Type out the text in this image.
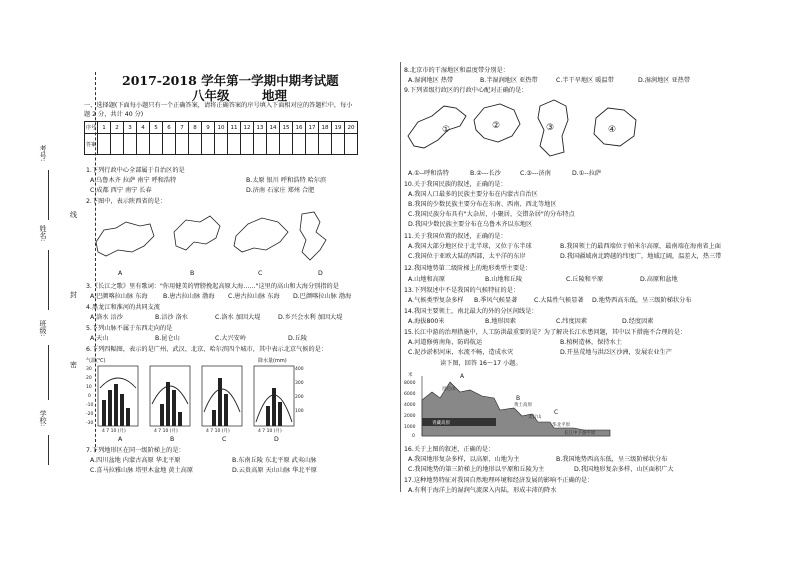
考号:
姓名:
班级:
学校:
线
封
密
2017-2018 学年第一学期中期考试题
八年级	地理
一、选择题(下面每小题只有一个正确答案，请将正确答案的序号填入下面相对应的答题栏中，每小
题 2 分，共计 40 分)
序号	1	2	3	4	5	6	7	8	9	10	11	12	13	14	15	16	17	18	19	20
答案																				
1.下列行政中心全部属于自治区的是
A.乌鲁木齐 拉萨 南宁 呼和浩特	B.太原 银川 呼和浩特 哈尔滨
C.成都 西宁 南宁 长春	D.济南 石家庄 郑州 合肥
2.下图中，表示陕西省的是：
A	B	C	D
3.《长江之歌》里有歌词："你用健美的臂膀挽起高原大海……"这里的高山和大海分别指的是
A.巴颜喀拉山脉 东海 B.唐古拉山脉 渤海 C.唐古拉山脉 东海 D.巴颜喀拉山脉 渤海
4.黑龙江和淮河的共同支流
A.洛水 涪沙	B.涪沙 洛水	C.洛水 加因大堤	D.乡兴会水利 加因大堤
5.下列山脉不属于东西走向的是
A.天山	B.昆仑山	C.大兴安岭	D.丘陵
6.下列四幅图，表示的是广州、武汉、北京、哈尔滨四个城市，其中表示北京气候的是：
气温(℃)	降水量(mm)
30
20
10
0
-10
-20
-30
400
300
200
100
4 7 10 (月)	4 7 10 (月)	4 7 10 (月)	4 7 10 (月)
A	B	C	D
7.下列地形区在同一级阶梯上的是：
A.四川盆地 内蒙古高原 华北平原	B.东南丘陵 东北平原 武夷山脉
C.喜马拉雅山脉 塔里木盆地 黄土高原	D.云贵高原 天山山脉 华北平原
8.北京市的干湿地区和温度带分别是：
A.湿润地区 热带	B.半湿润地区 亚热带	C.半干旱地区 暖温带	D.湿润地区 亚热带
9.下列省级行政区的行政中心配对正确的是：
①	②	③	④
A.①--呼和浩特	B.②---长沙	C.③---济南	D.①--拉萨
10.关于我国民族的叙述，正确的是：
A.我国人口最多的民族主要分布在内蒙古自治区
B.我国的少数民族主要分布在东南、西南、西北等地区
C.我国民族分布具有"大杂居，小聚居，交错杂居"的分布特点
D.我国少数民族主要分布在乌鲁木齐以东地区
11.关于我国位置的叙述，正确的是：
A.我国大部分地区位于北半球，又位于东半球	B.我国领土的最西端位于帕米尔高原，最南端在海南省上面
C.我国位于亚欧大陆的西部，太平洋的东岸	D.我国疆域南北跨越的纬度广，地域辽阔，温差大，热三带
12.我国地势第二级阶梯上的地形类型主要是：
A.山地和高原	B.山地和丘陵	C.丘陵和平原	D.高原和盆地
13.下列叙述中不是我国的气候特征的是：
A.气候类型复杂多样 B.季风气候显著	C.大陆性气候显著 D.地势西高东低，呈三级阶梯状分布
14.我国主要领土，南北最大的外的分区间线是：
A.海拔800米	B.地形因素	C.纬度因素	D.经度因素
15.长江中游的治理措施中，人工防洪最重要的是？为了解决长江水患问题，其中以下措施不合理的是：
A.河道修剪南角，防碍航运	B.植树造林，保持水土
C.泥沙淤积河床，水流不畅，造成水灾	D.开垦荒地与洪泛区沙洲，发展农业生产
读下图，回答 16～17 小题。
米
8000
6000
4000
2000
1000
0
A
B
C
青藏高原
昆仑山
黄土高原
华北平原
太行山
长江中下游平原
16.关于上图的叙述，正确的是：
A.我国地形复杂多样，以高原、山地为主	B.我国地势西高东低，呈三级阶梯状分布
C.我国地势的第三阶梯上的地形以平原和丘陵为主	D.我国地形复杂多样，山区面积广大
17.这种地势特征对我国自然地理环境和经济发展的影响不正确的是：
A.有利于海洋上的湿润气流深入内陆，形成丰沛的降水
